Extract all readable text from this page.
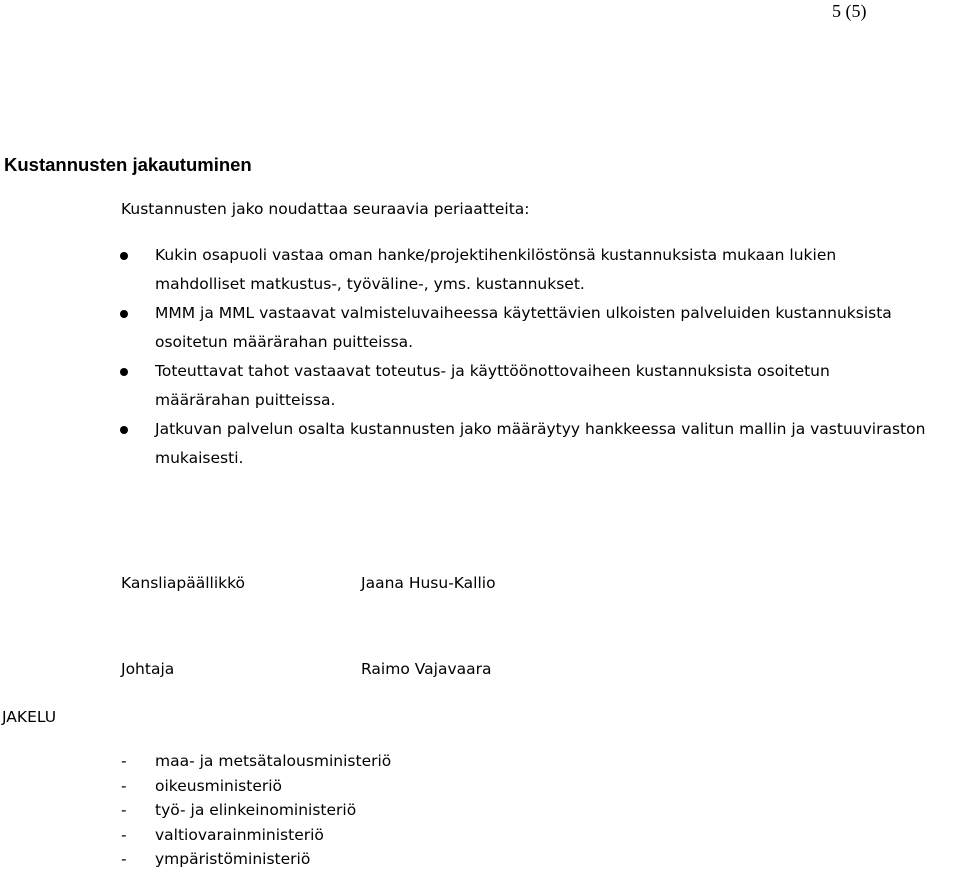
5 (5)
Kustannusten jakautuminen
Kustannusten jako noudattaa seuraavia periaatteita:
Kukin osapuoli vastaa oman hanke/projektihenkilöstönsä kustannuksista mukaan lukien
mahdolliset matkustus-, työväline-, yms. kustannukset.
MMM ja MML vastaavat valmisteluvaiheessa käytettävien ulkoisten palveluiden kustannuksista
osoitetun määrärahan puitteissa.
Toteuttavat tahot vastaavat toteutus- ja käyttöönottovaiheen kustannuksista osoitetun
määrärahan puitteissa.
Jatkuvan palvelun osalta kustannusten jako määräytyy hankkeessa valitun mallin ja vastuuviraston
mukaisesti.
Kansliapäällikkö	Jaana Husu-Kallio
Johtaja	Raimo Vajavaara
JAKELU
- maa- ja metsätalousministeriö
- oikeusministeriö
- työ- ja elinkeinoministeriö
- valtiovarainministeriö
- ympäristöministeriö
